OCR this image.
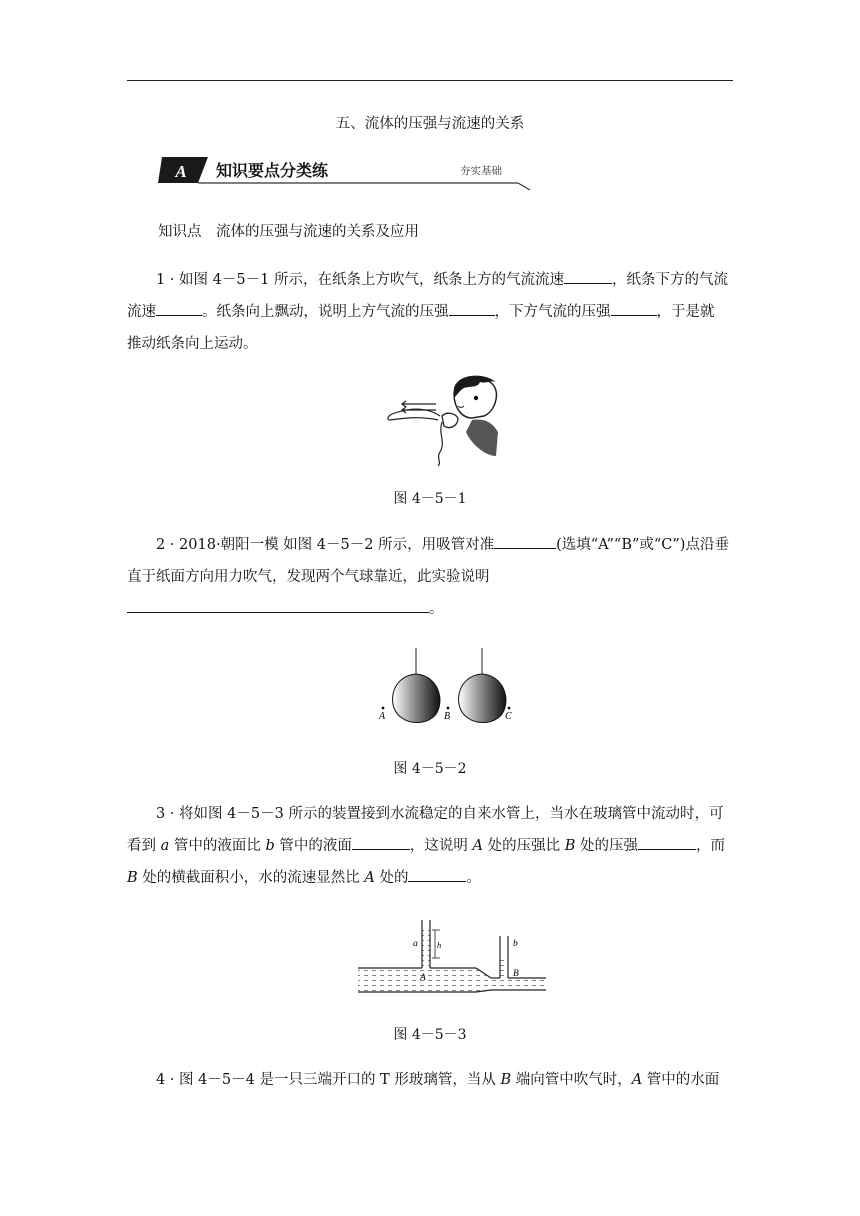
五、流体的压强与流速的关系
A 知识要点分类练	夯实基础
知识点　流体的压强与流速的关系及应用
1 · 如图 4－5－1 所示，在纸条上方吹气，纸条上方的气流流速	，纸条下方的气流
流速	。纸条向上飘动，说明上方气流的压强	，下方气流的压强	，于是就
推动纸条向上运动。
图 4－5－1
2 · 2018·朝阳一模 如图 4－5－2 所示，用吸管对准	(选填“A”“B”或“C”)点沿垂
直于纸面方向用力吹气，发现两个气球靠近，此实验说明
。
A	B	C
图 4－5－2
3 · 将如图 4－5－3 所示的装置接到水流稳定的自来水管上，当水在玻璃管中流动时，可
看到 a 管中的液面比 b 管中的液面	，这说明 A 处的压强比 B 处的压强	，而
B 处的横截面积小，水的流速显然比 A 处的	。
a h
A
b
B
图 4－5－3
4 · 图 4－5－4 是一只三端开口的 T 形玻璃管，当从 B 端向管中吹气时，A 管中的水面
